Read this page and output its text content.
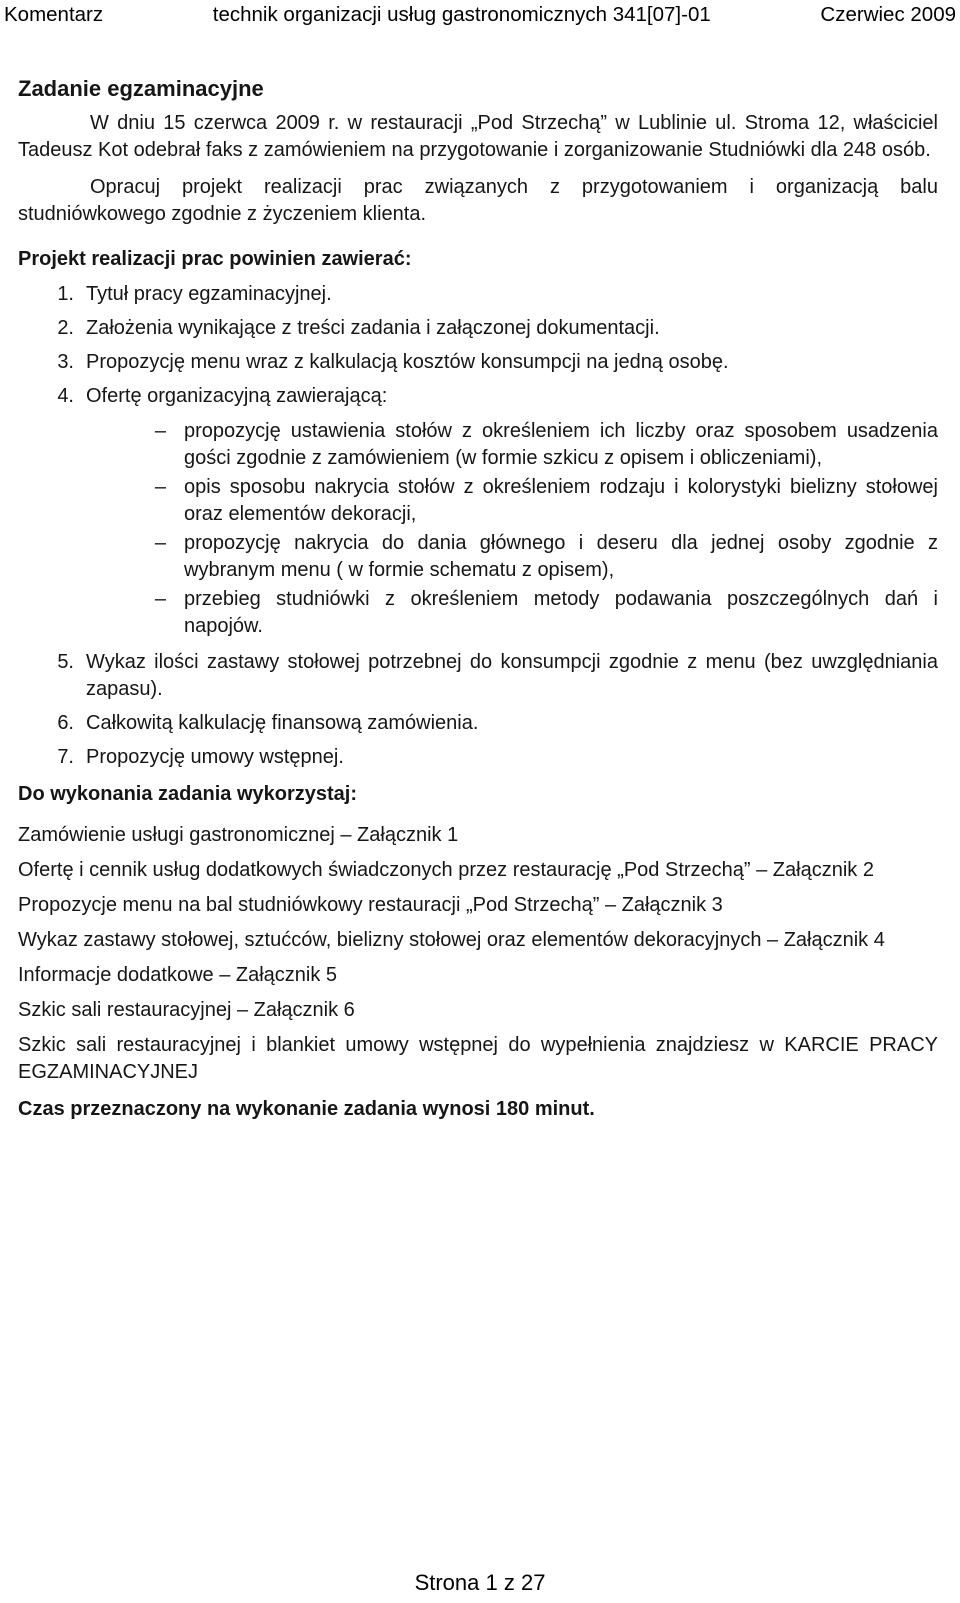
Komentarz	technik organizacji usług gastronomicznych 341[07]-01	Czerwiec 2009
Zadanie egzaminacyjne

W dniu 15 czerwca 2009 r. w restauracji „Pod Strzechą” w Lublinie ul. Stroma 12, właściciel Tadeusz Kot odebrał faks z zamówieniem na przygotowanie i zorganizowanie Studniówki dla 248 osób.

Opracuj projekt realizacji prac związanych z przygotowaniem i organizacją balu studniówkowego zgodnie z życzeniem klienta.

Projekt realizacji prac powinien zawierać:
1. Tytuł pracy egzaminacyjnej.
2. Założenia wynikające z treści zadania i załączonej dokumentacji.
3. Propozycję menu wraz z kalkulacją kosztów konsumpcji na jedną osobę.
4. Ofertę organizacyjną zawierającą:
– propozycję ustawienia stołów z określeniem ich liczby oraz sposobem usadzenia gości zgodnie z zamówieniem (w formie szkicu z opisem i obliczeniami),
– opis sposobu nakrycia stołów z określeniem rodzaju i kolorystyki bielizny stołowej oraz elementów dekoracji,
– propozycję nakrycia do dania głównego i deseru dla jednej osoby zgodnie z wybranym menu ( w formie schematu z opisem),
– przebieg studniówki z określeniem metody podawania poszczególnych dań i napojów.
5. Wykaz ilości zastawy stołowej potrzebnej do konsumpcji zgodnie z menu (bez uwzględniania zapasu).
6. Całkowitą kalkulację finansową zamówienia.
7. Propozycję umowy wstępnej.
Do wykonania zadania wykorzystaj:

Zamówienie usługi gastronomicznej – Załącznik 1

Ofertę i cennik usług dodatkowych świadczonych przez restaurację „Pod Strzechą” – Załącznik 2

Propozycje menu na bal studniówkowy restauracji „Pod Strzechą” – Załącznik 3

Wykaz zastawy stołowej, sztućców, bielizny stołowej oraz elementów dekoracyjnych – Załącznik 4

Informacje dodatkowe – Załącznik 5

Szkic sali restauracyjnej – Załącznik 6

Szkic sali restauracyjnej i blankiet umowy wstępnej do wypełnienia znajdziesz w KARCIE PRACY EGZAMINACYJNEJ

Czas przeznaczony na wykonanie zadania wynosi 180 minut.
Strona 1 z 27
